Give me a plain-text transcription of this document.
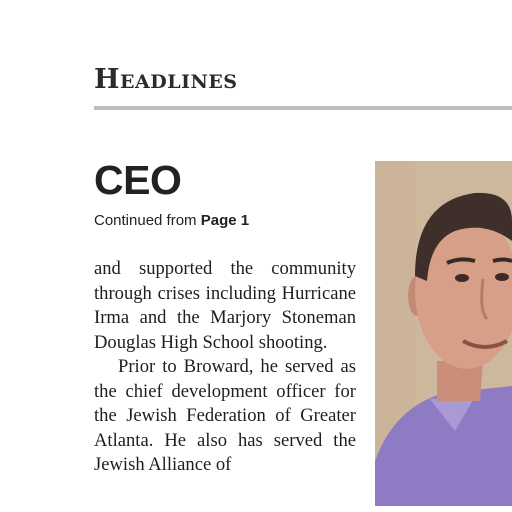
Headlines
CEO
Continued from Page 1

and supported the community through crises including Hurricane Irma and the Marjory Stoneman Douglas High School shooting.

Prior to Broward, he served as the chief development officer for the Jewish Federation of Greater Atlanta. He also has served the Jewish Alliance of
